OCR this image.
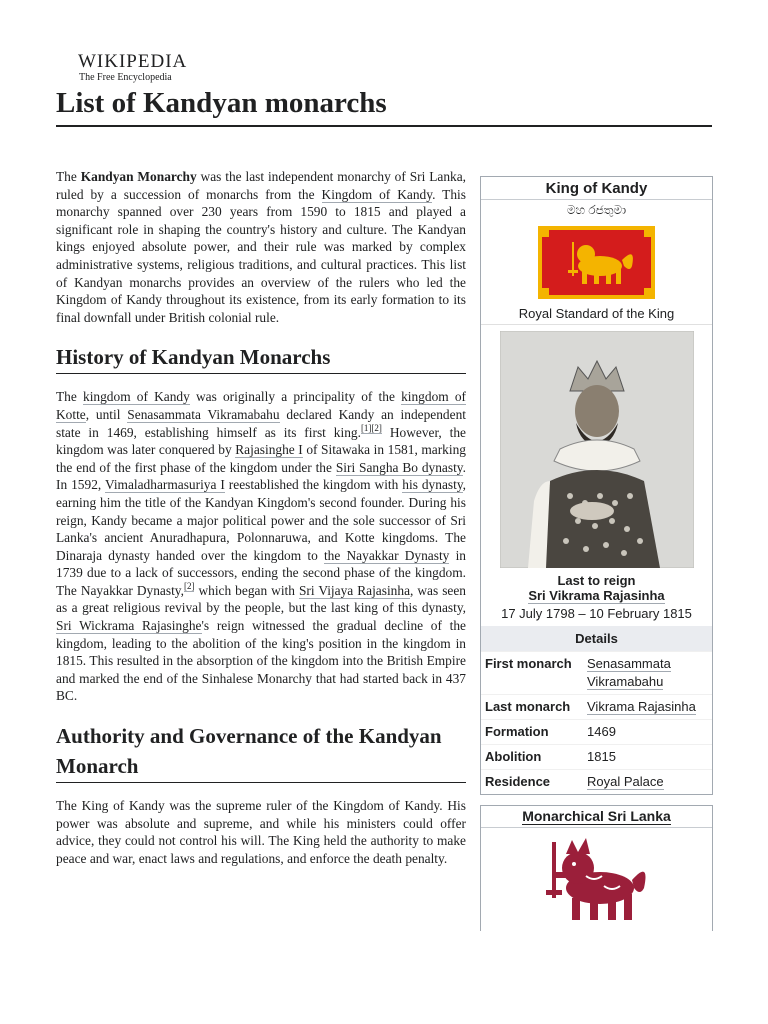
WIKIPEDIA
The Free Encyclopedia
List of Kandyan monarchs

The Kandyan Monarchy was the last independent monarchy of Sri Lanka, ruled by a succession of monarchs from the Kingdom of Kandy. This monarchy spanned over 230 years from 1590 to 1815 and played a significant role in shaping the country's history and culture. The Kandyan kings enjoyed absolute power, and their rule was marked by complex administrative systems, religious traditions, and cultural practices. This list of Kandyan monarchs provides an overview of the rulers who led the Kingdom of Kandy throughout its existence, from its early formation to its final downfall under British colonial rule.

History of Kandyan Monarchs

The kingdom of Kandy was originally a principality of the kingdom of Kotte, until Senasammata Vikramabahu declared Kandy an independent state in 1469, establishing himself as its first king.[1][2] However, the kingdom was later conquered by Rajasinghe I of Sitawaka in 1581, marking the end of the first phase of the kingdom under the Siri Sangha Bo dynasty. In 1592, Vimaladharmasuriya I reestablished the kingdom with his dynasty, earning him the title of the Kandyan Kingdom's second founder. During his reign, Kandy became a major political power and the sole successor of Sri Lanka's ancient Anuradhapura, Polonnaruwa, and Kotte kingdoms. The Dinaraja dynasty handed over the kingdom to the Nayakkar Dynasty in 1739 due to a lack of successors, ending the second phase of the kingdom. The Nayakkar Dynasty,[2] which began with Sri Vijaya Rajasinha, was seen as a great religious revival by the people, but the last king of this dynasty, Sri Wickrama Rajasinghe's reign witnessed the gradual decline of the kingdom, leading to the abolition of the king's position in the kingdom in 1815. This resulted in the absorption of the kingdom into the British Empire and marked the end of the Sinhalese Monarchy that had started back in 437 BC.

Authority and Governance of the Kandyan Monarch

The King of Kandy was the supreme ruler of the Kingdom of Kandy. His power was absolute and supreme, and while his ministers could offer advice, they could not control his will. The King held the authority to make peace and war, enact laws and regulations, and enforce the death penalty.

King of Kandy
මහ රජතුමා
Royal Standard of the King
Last to reign
Sri Vikrama Rajasinha
17 July 1798 – 10 February 1815
Details
First monarch	Senasammata Vikramabahu
Last monarch	Vikrama Rajasinha
Formation	1469
Abolition	1815
Residence	Royal Palace
Monarchical Sri Lanka
